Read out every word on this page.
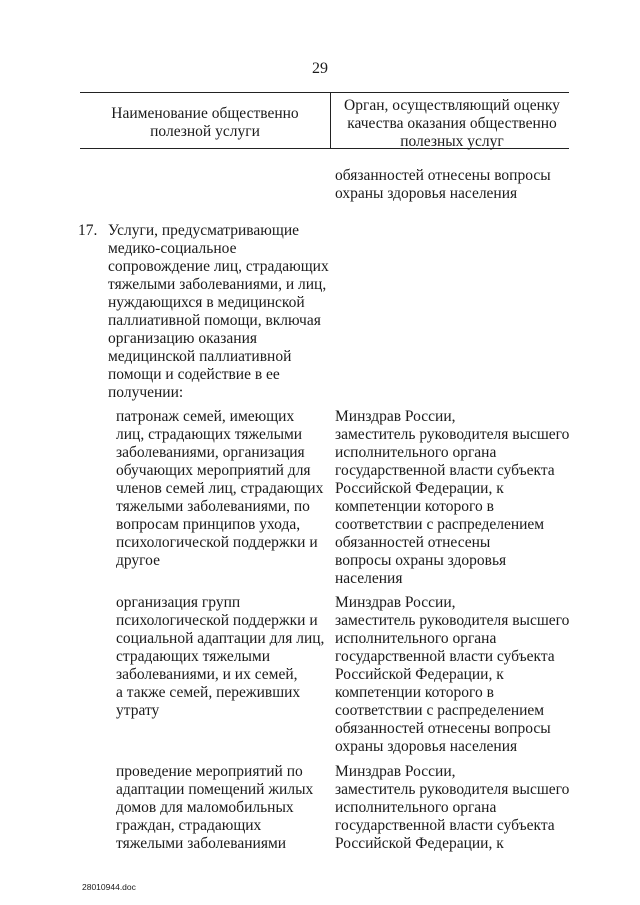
29
Наименование общественно
полезной услуги
Орган, осуществляющий оценку
качества оказания общественно
полезных услуг
обязанностей отнесены вопросы
охраны здоровья населения
17. Услуги, предусматривающие
медико-социальное
сопровождение лиц, страдающих
тяжелыми заболеваниями, и лиц,
нуждающихся в медицинской
паллиативной помощи, включая
организацию оказания
медицинской паллиативной
помощи и содействие в ее
получении:
патронаж семей, имеющих
лиц, страдающих тяжелыми
заболеваниями, организация
обучающих мероприятий для
членов семей лиц, страдающих
тяжелыми заболеваниями, по
вопросам принципов ухода,
психологической поддержки и
другое
Минздрав России,
заместитель руководителя высшего
исполнительного органа
государственной власти субъекта
Российской Федерации, к
компетенции которого в
соответствии с распределением
обязанностей отнесены
вопросы охраны здоровья
населения
организация групп
психологической поддержки и
социальной адаптации для лиц,
страдающих тяжелыми
заболеваниями, и их семей,
а также семей, переживших
утрату
Минздрав России,
заместитель руководителя высшего
исполнительного органа
государственной власти субъекта
Российской Федерации, к
компетенции которого в
соответствии с распределением
обязанностей отнесены вопросы
охраны здоровья населения
проведение мероприятий по
адаптации помещений жилых
домов для маломобильных
граждан, страдающих
тяжелыми заболеваниями
Минздрав России,
заместитель руководителя высшего
исполнительного органа
государственной власти субъекта
Российской Федерации, к
28010944.doc
